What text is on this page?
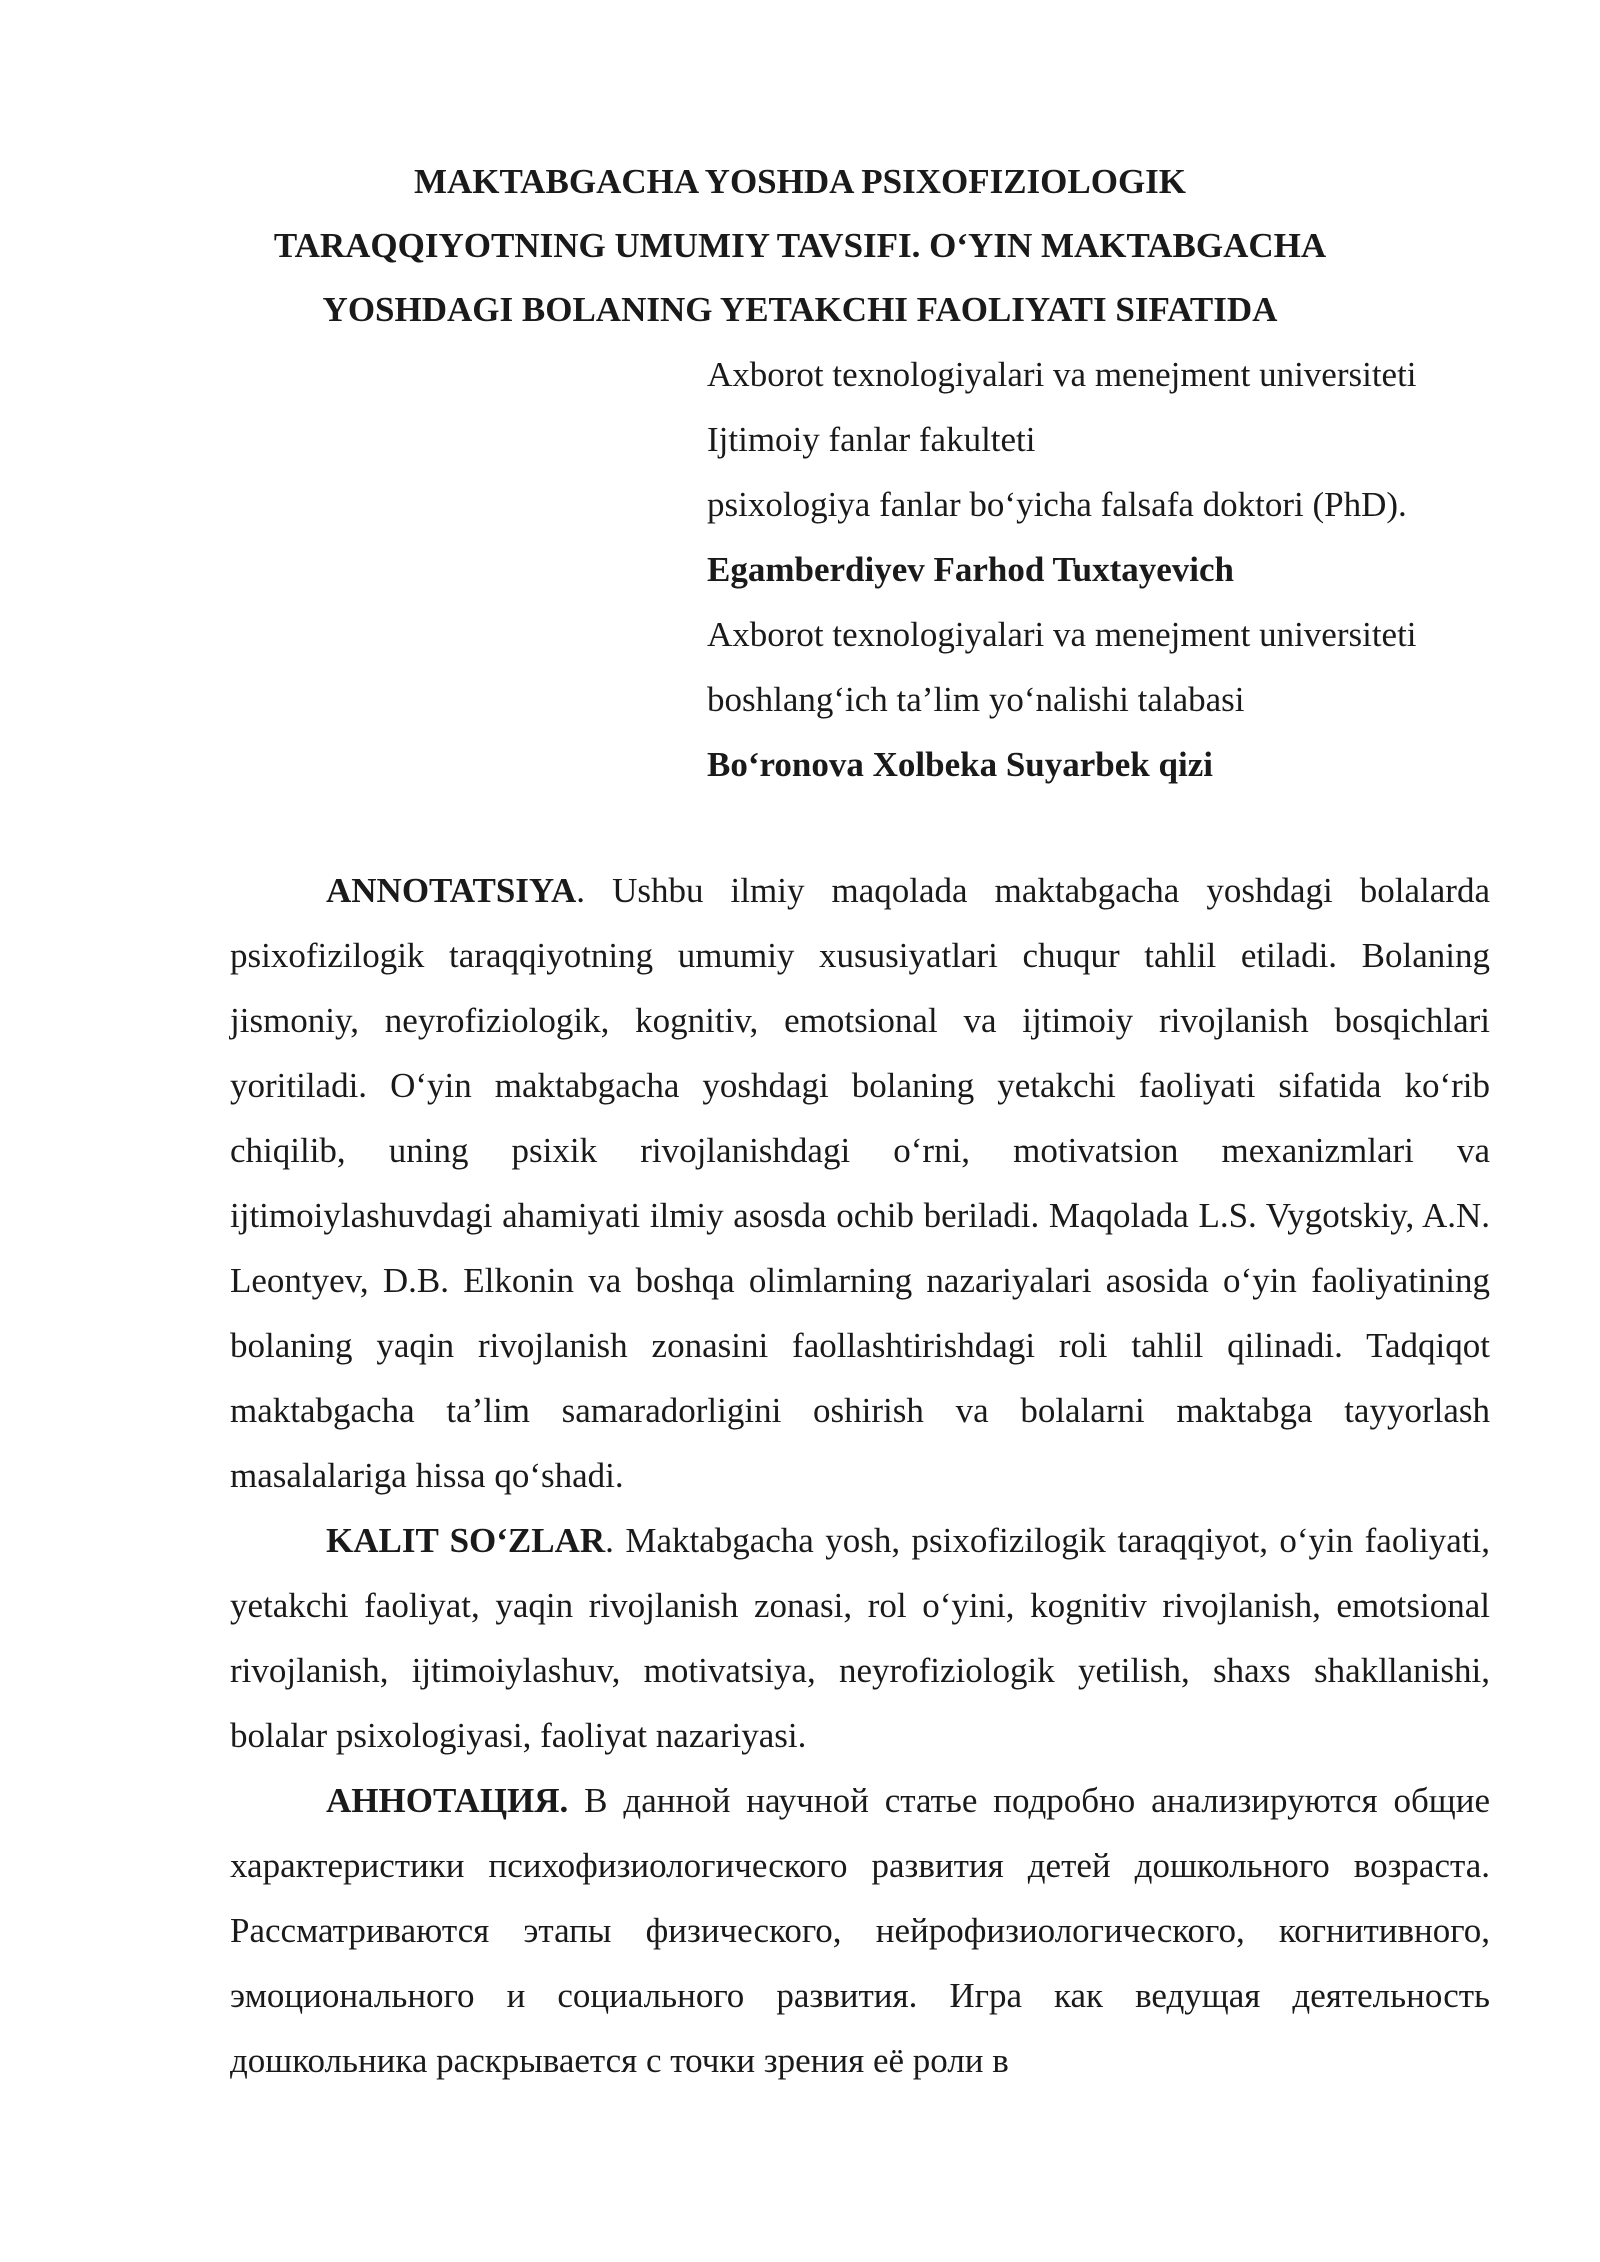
MAKTABGACHA YOSHDA PSIXOFIZIOLOGIK
TARAQQIYOTNING UMUMIY TAVSIFI. O‘YIN MAKTABGACHA
YOSHDAGI BOLANING YETAKCHI FAOLIYATI SIFATIDA
Axborot texnologiyalari va menejment universiteti
Ijtimoiy fanlar fakulteti
psixologiya fanlar bo‘yicha falsafa doktori (PhD).
Egamberdiyev Farhod Tuxtayevich
Axborot texnologiyalari va menejment universiteti
boshlang‘ich ta’lim yo‘nalishi talabasi
Bo‘ronova Xolbeka Suyarbek qizi

ANNOTATSIYA. Ushbu ilmiy maqolada maktabgacha yoshdagi bolalarda psixofizilogik taraqqiyotning umumiy xususiyatlari chuqur tahlil etiladi. Bolaning jismoniy, neyrofiziologik, kognitiv, emotsional va ijtimoiy rivojlanish bosqichlari yoritiladi. O‘yin maktabgacha yoshdagi bolaning yetakchi faoliyati sifatida ko‘rib chiqilib, uning psixik rivojlanishdagi o‘rni, motivatsion mexanizmlari va ijtimoiylashuvdagi ahamiyati ilmiy asosda ochib beriladi. Maqolada L.S. Vygotskiy, A.N. Leontyev, D.B. Elkonin va boshqa olimlarning nazariyalari asosida o‘yin faoliyatining bolaning yaqin rivojlanish zonasini faollashtirishdagi roli tahlil qilinadi. Tadqiqot maktabgacha ta’lim samaradorligini oshirish va bolalarni maktabga tayyorlash masalalariga hissa qo‘shadi.

KALIT SO‘ZLAR. Maktabgacha yosh, psixofizilogik taraqqiyot, o‘yin faoliyati, yetakchi faoliyat, yaqin rivojlanish zonasi, rol o‘yini, kognitiv rivojlanish, emotsional rivojlanish, ijtimoiylashuv, motivatsiya, neyrofiziologik yetilish, shaxs shakllanishi, bolalar psixologiyasi, faoliyat nazariyasi.

АННОТАЦИЯ. В данной научной статье подробно анализируются общие характеристики психофизиологического развития детей дошкольного возраста. Рассматриваются этапы физического, нейрофизиологического, когнитивного, эмоционального и социального развития. Игра как ведущая деятельность дошкольника раскрывается с точки зрения её роли в
